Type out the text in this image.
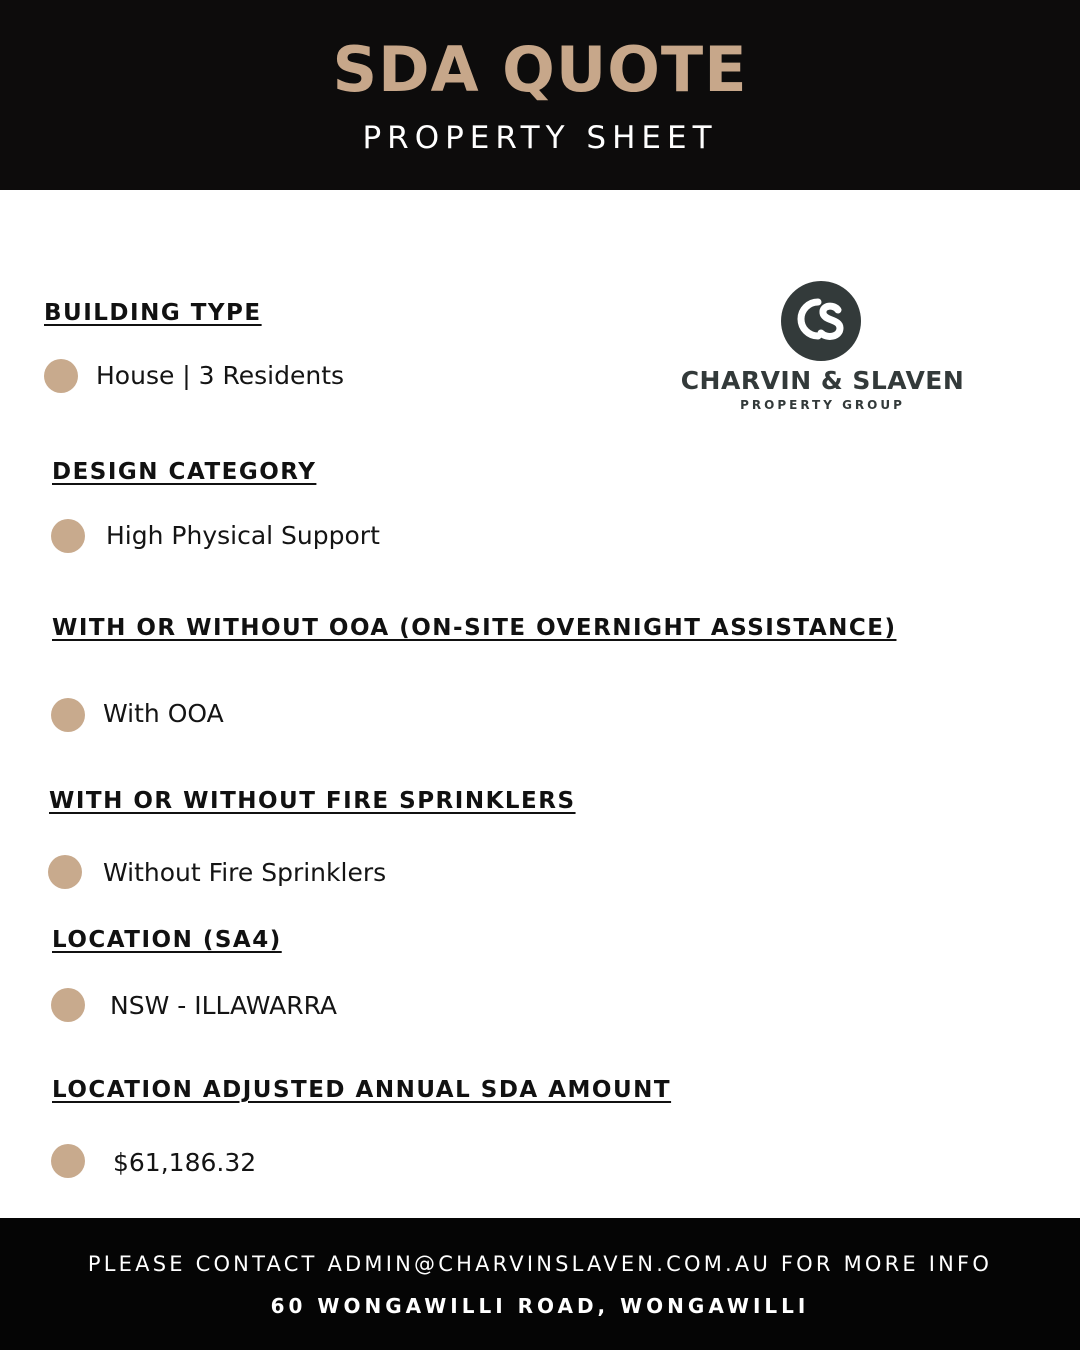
SDA QUOTE
PROPERTY SHEET
CHARVIN & SLAVEN
PROPERTY GROUP
BUILDING TYPE
House | 3 Residents
DESIGN CATEGORY
High Physical Support
WITH OR WITHOUT OOA (ON-SITE OVERNIGHT ASSISTANCE)
With OOA
WITH OR WITHOUT FIRE SPRINKLERS
Without Fire Sprinklers
LOCATION (SA4)
NSW - ILLAWARRA
LOCATION ADJUSTED ANNUAL SDA AMOUNT
$61,186.32
PLEASE CONTACT ADMIN@CHARVINSLAVEN.COM.AU FOR MORE INFO
60 WONGAWILLI ROAD, WONGAWILLI
